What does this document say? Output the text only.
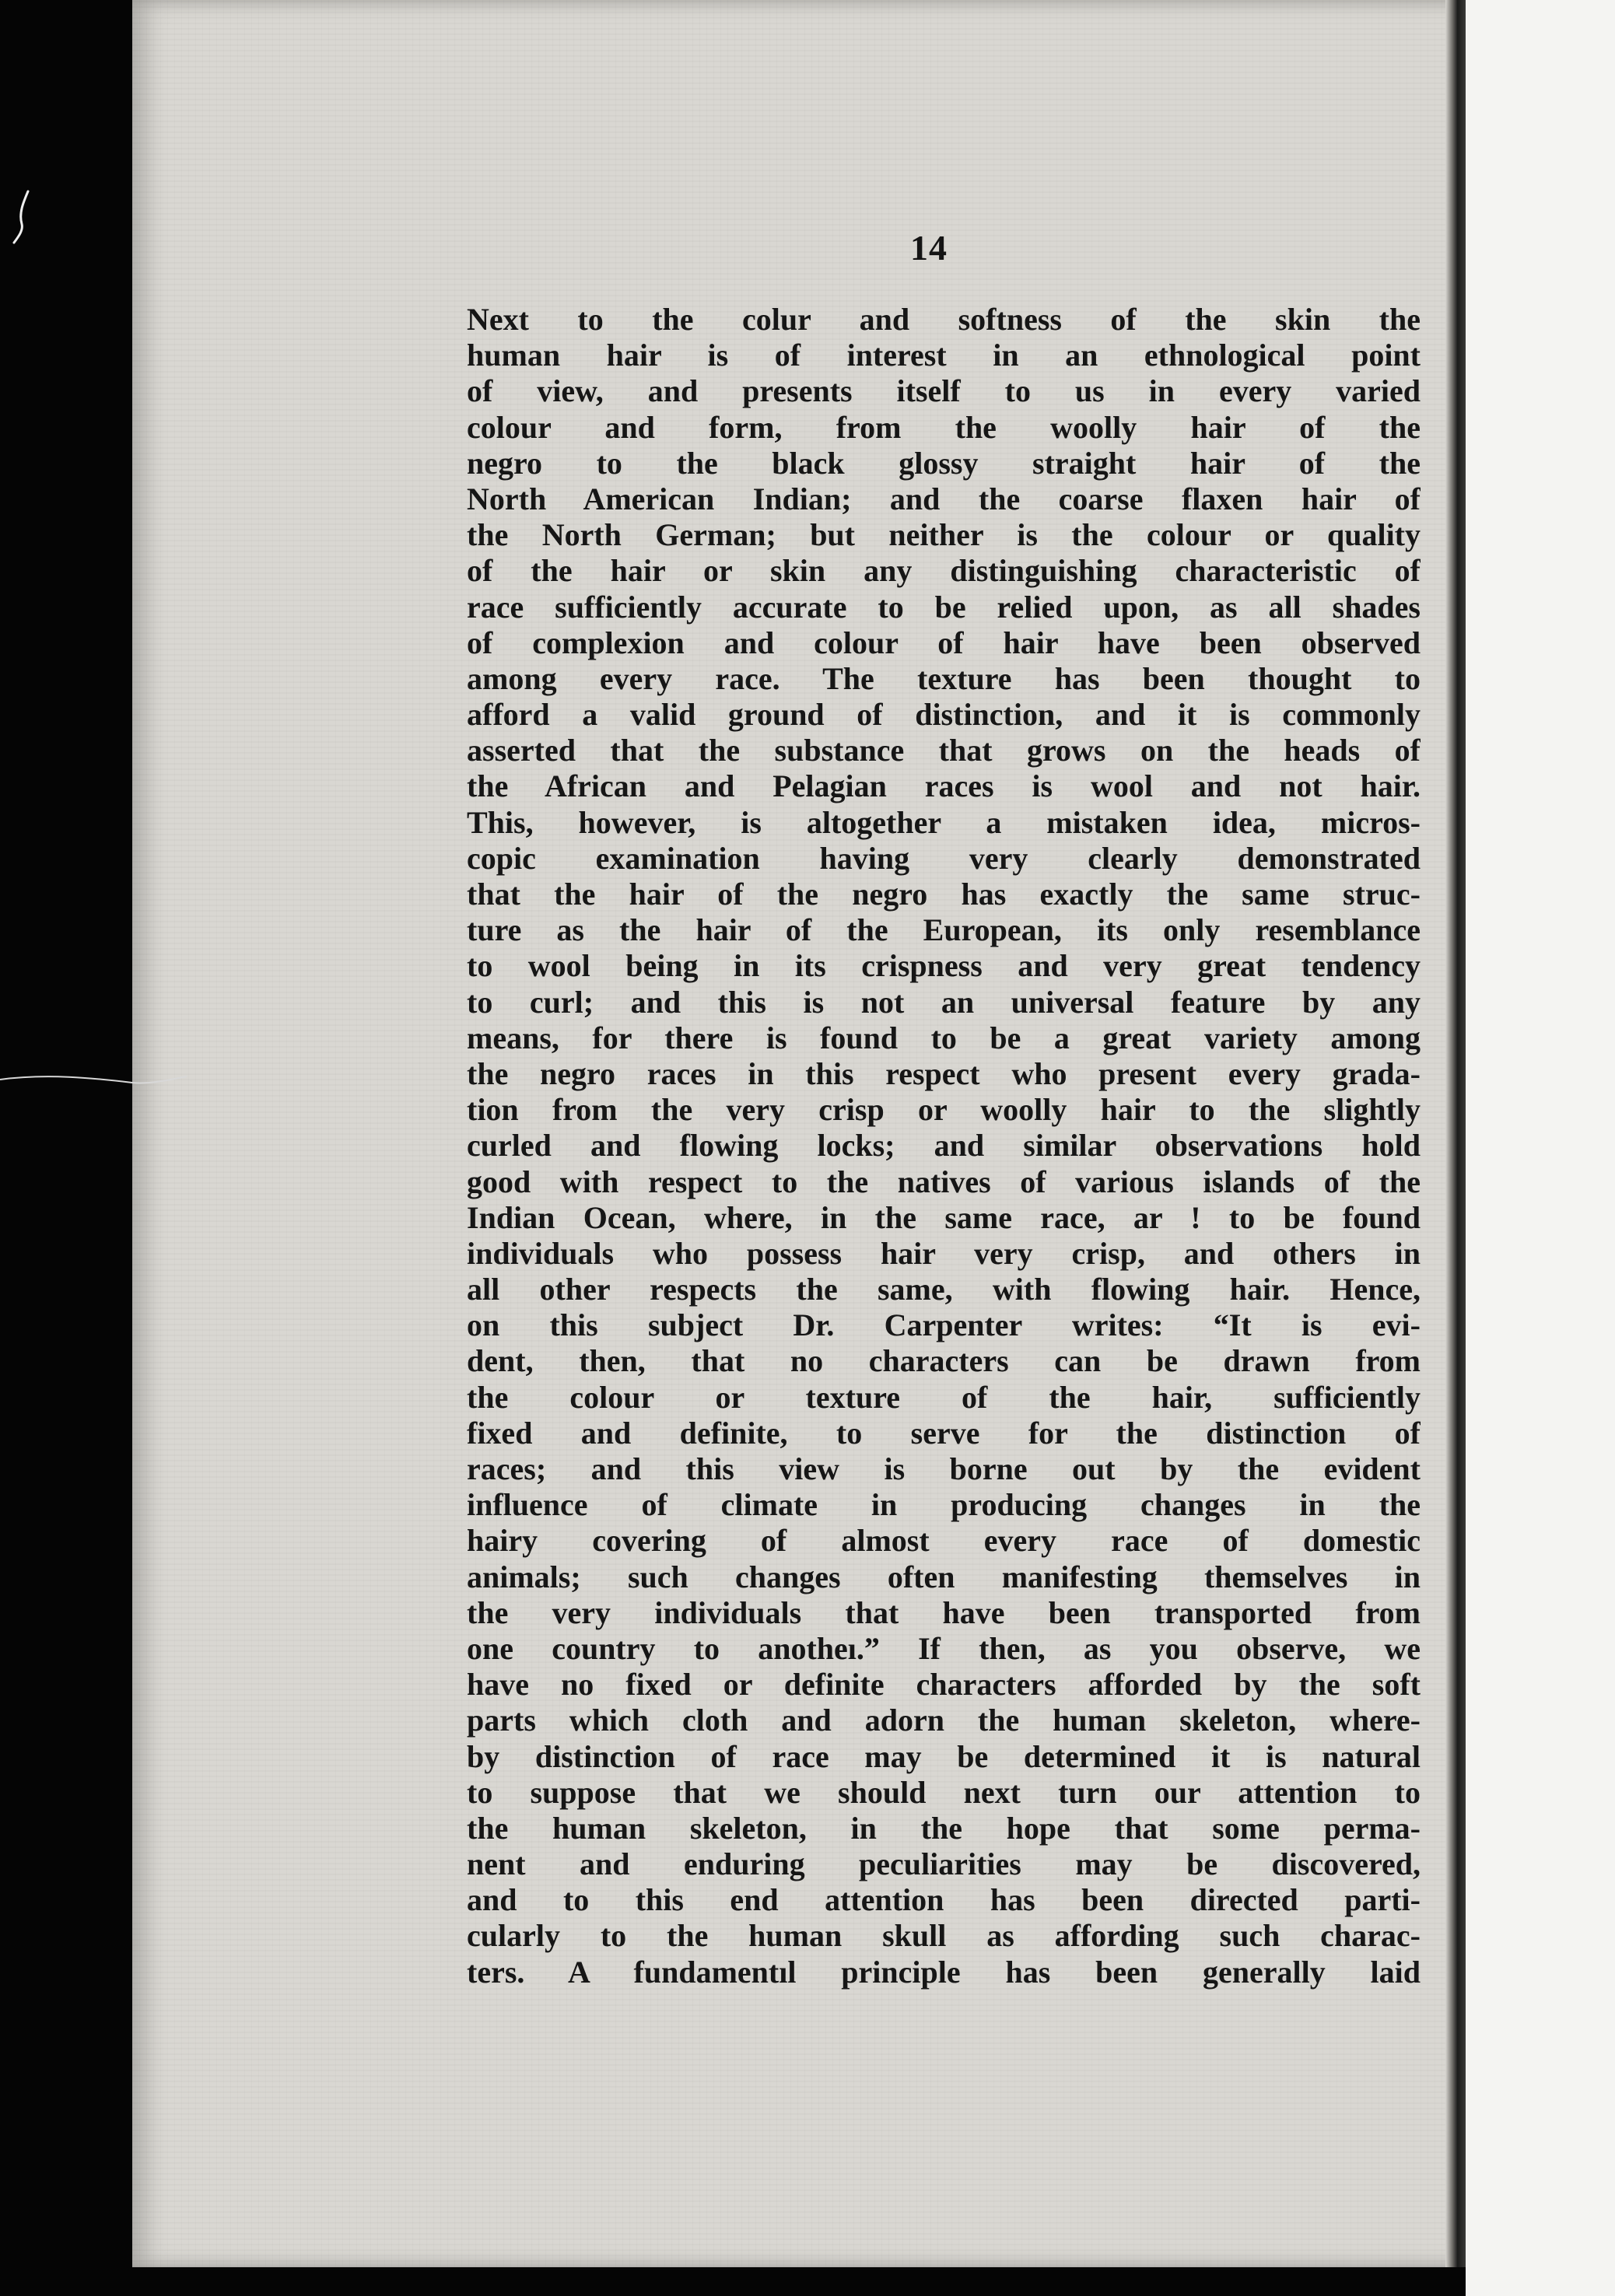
14
Next to the colur and softness of the skin the
human hair is of interest in an ethnological point
of view, and presents itself to us in every varied
colour and form, from the woolly hair of the
negro to the black glossy straight hair of the
North American Indian; and the coarse flaxen hair of
the North German; but neither is the colour or quality
of the hair or skin any distinguishing characteristic of
race sufficiently accurate to be relied upon, as all shades
of complexion and colour of hair have been observed
among every race. The texture has been thought to
afford a valid ground of distinction, and it is commonly
asserted that the substance that grows on the heads of
the African and Pelagian races is wool and not hair.
This, however, is altogether a mistaken idea, micros-
copic examination having very clearly demonstrated
that the hair of the negro has exactly the same struc-
ture as the hair of the European, its only resemblance
to wool being in its crispness and very great tendency
to curl; and this is not an universal feature by any
means, for there is found to be a great variety among
the negro races in this respect who present every grada-
tion from the very crisp or woolly hair to the slightly
curled and flowing locks; and similar observations hold
good with respect to the natives of various islands of the
Indian Ocean, where, in the same race, ar ! to be found
individuals who possess hair very crisp, and others in
all other respects the same, with flowing hair. Hence,
on this subject Dr. Carpenter writes: “It is evi-
dent, then, that no characters can be drawn from
the colour or texture of the hair, sufficiently
fixed and definite, to serve for the distinction of
races; and this view is borne out by the evident
influence of climate in producing changes in the
hairy covering of almost every race of domestic
animals; such changes often manifesting themselves in
the very individuals that have been transported from
one country to anotheı.” If then, as you observe, we
have no fixed or definite characters afforded by the soft
parts which cloth and adorn the human skeleton, where-
by distinction of race may be determined it is natural
to suppose that we should next turn our attention to
the human skeleton, in the hope that some perma-
nent and enduring peculiarities may be discovered,
and to this end attention has been directed parti-
cularly to the human skull as affording such charac-
ters. A fundamentıl principle has been generally laid
